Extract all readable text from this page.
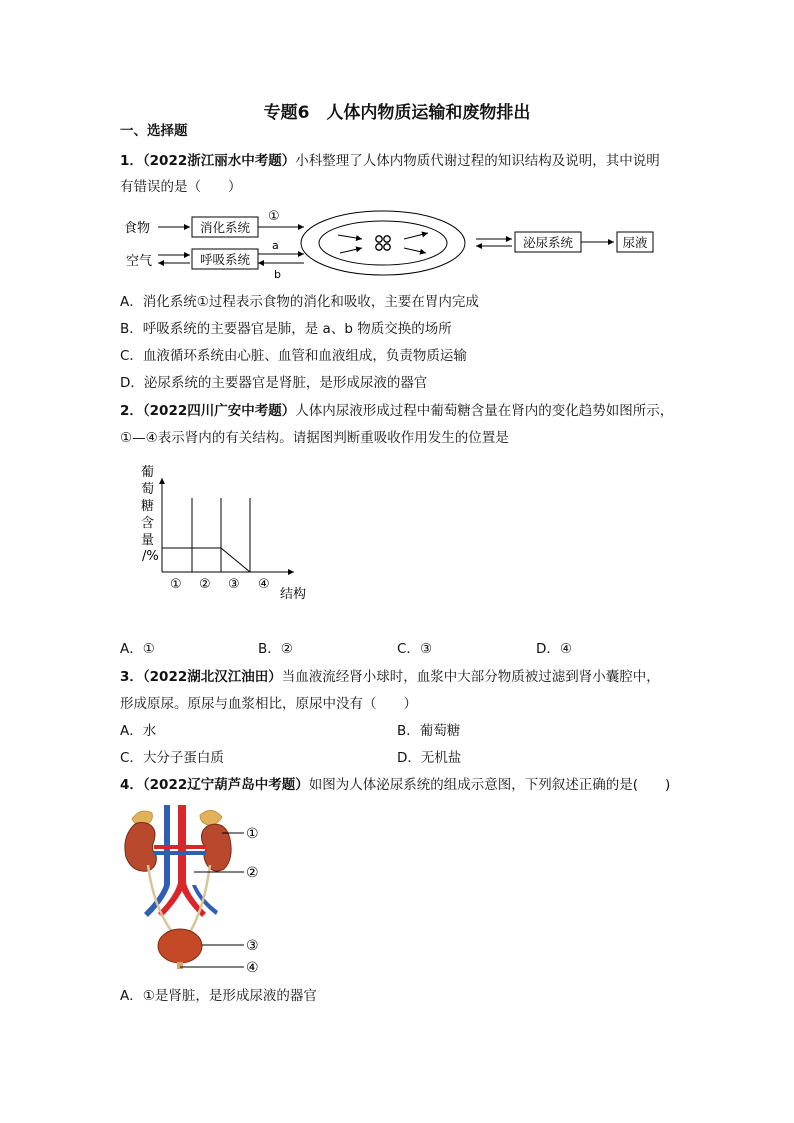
专题6　人体内物质运输和废物排出
一、选择题
1．（2022浙江丽水中考题）小科整理了人体内物质代谢过程的知识结构及说明，其中说明
有错误的是（　　）
食物
空气
消化系统
①
呼吸系统
a
b
泌尿系统	尿液
A．消化系统①过程表示食物的消化和吸收，主要在胃内完成
B．呼吸系统的主要器官是肺，是 a、b 物质交换的场所
C．血液循环系统由心脏、血管和血液组成，负责物质运输
D．泌尿系统的主要器官是肾脏，是形成尿液的器官
2．（2022四川广安中考题）人体内尿液形成过程中葡萄糖含量在肾内的变化趋势如图所示，
①—④表示肾内的有关结构。请据图判断重吸收作用发生的位置是
葡
萄
糖
含
量
/%
① ② ③ ④
结构
A．①	B．②	C．③	D．④
3．（2022湖北汉江油田）当血液流经肾小球时，血浆中大部分物质被过滤到肾小囊腔中，
形成原尿。原尿与血浆相比，原尿中没有（　　）
A．水	B．葡萄糖
C．大分子蛋白质	D．无机盐
4．（2022辽宁葫芦岛中考题）如图为人体泌尿系统的组成示意图，下列叙述正确的是(　　)
①
②
③
④
A．①是肾脏，是形成尿液的器官
